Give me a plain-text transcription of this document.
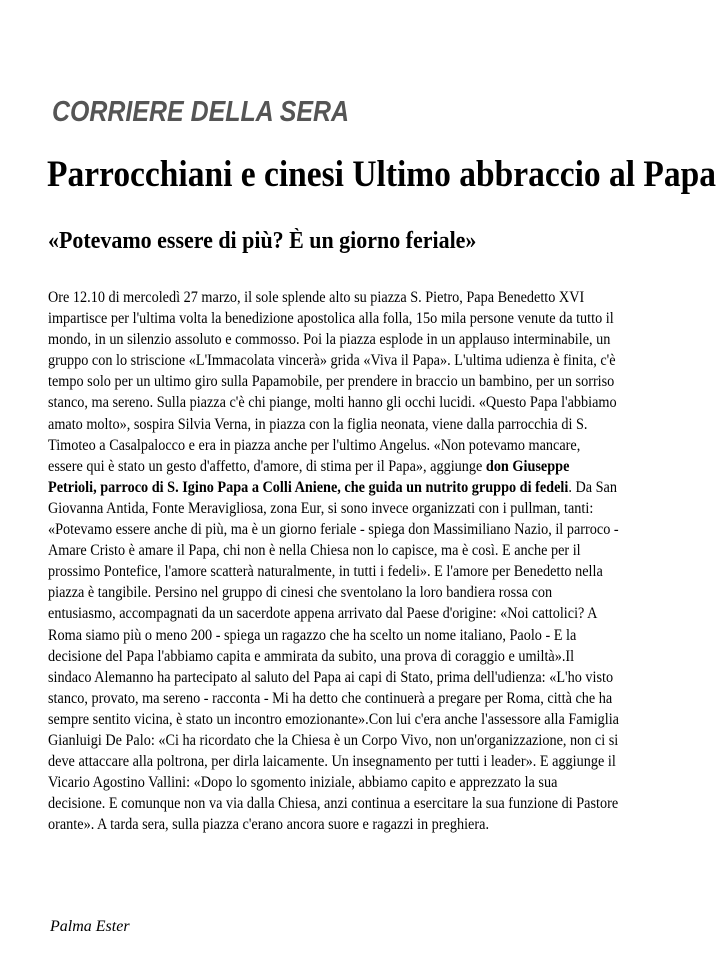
CORRIERE DELLA SERA
Parrocchiani e cinesi Ultimo abbraccio al Papa
«Potevamo essere di più? È un giorno feriale»
Ore 12.10 di mercoledì 27 marzo, il sole splende alto su piazza S. Pietro, Papa Benedetto XVI
impartisce per l'ultima volta la benedizione apostolica alla folla, 15o mila persone venute da tutto il
mondo, in un silenzio assoluto e commosso. Poi la piazza esplode in un applauso interminabile, un
gruppo con lo striscione «L'Immacolata vincerà» grida «Viva il Papa». L'ultima udienza è finita, c'è
tempo solo per un ultimo giro sulla Papamobile, per prendere in braccio un bambino, per un sorriso
stanco, ma sereno. Sulla piazza c'è chi piange, molti hanno gli occhi lucidi. «Questo Papa l'abbiamo
amato molto», sospira Silvia Verna, in piazza con la figlia neonata, viene dalla parrocchia di S.
Timoteo a Casalpalocco e era in piazza anche per l'ultimo Angelus. «Non potevamo mancare,
essere qui è stato un gesto d'affetto, d'amore, di stima per il Papa», aggiunge don Giuseppe
Petrioli, parroco di S. Igino Papa a Colli Aniene, che guida un nutrito gruppo di fedeli. Da San
Giovanna Antida, Fonte Meravigliosa, zona Eur, si sono invece organizzati con i pullman, tanti:
«Potevamo essere anche di più, ma è un giorno feriale - spiega don Massimiliano Nazio, il parroco -
Amare Cristo è amare il Papa, chi non è nella Chiesa non lo capisce, ma è così. E anche per il
prossimo Pontefice, l'amore scatterà naturalmente, in tutti i fedeli». E l'amore per Benedetto nella
piazza è tangibile. Persino nel gruppo di cinesi che sventolano la loro bandiera rossa con
entusiasmo, accompagnati da un sacerdote appena arrivato dal Paese d'origine: «Noi cattolici? A
Roma siamo più o meno 200 - spiega un ragazzo che ha scelto un nome italiano, Paolo - E la
decisione del Papa l'abbiamo capita e ammirata da subito, una prova di coraggio e umiltà».Il
sindaco Alemanno ha partecipato al saluto del Papa ai capi di Stato, prima dell'udienza: «L'ho visto
stanco, provato, ma sereno - racconta - Mi ha detto che continuerà a pregare per Roma, città che ha
sempre sentito vicina, è stato un incontro emozionante».Con lui c'era anche l'assessore alla Famiglia
Gianluigi De Palo: «Ci ha ricordato che la Chiesa è un Corpo Vivo, non un'organizzazione, non ci si
deve attaccare alla poltrona, per dirla laicamente. Un insegnamento per tutti i leader». E aggiunge il
Vicario Agostino Vallini: «Dopo lo sgomento iniziale, abbiamo capito e apprezzato la sua
decisione. E comunque non va via dalla Chiesa, anzi continua a esercitare la sua funzione di Pastore
orante». A tarda sera, sulla piazza c'erano ancora suore e ragazzi in preghiera.
Palma Ester
